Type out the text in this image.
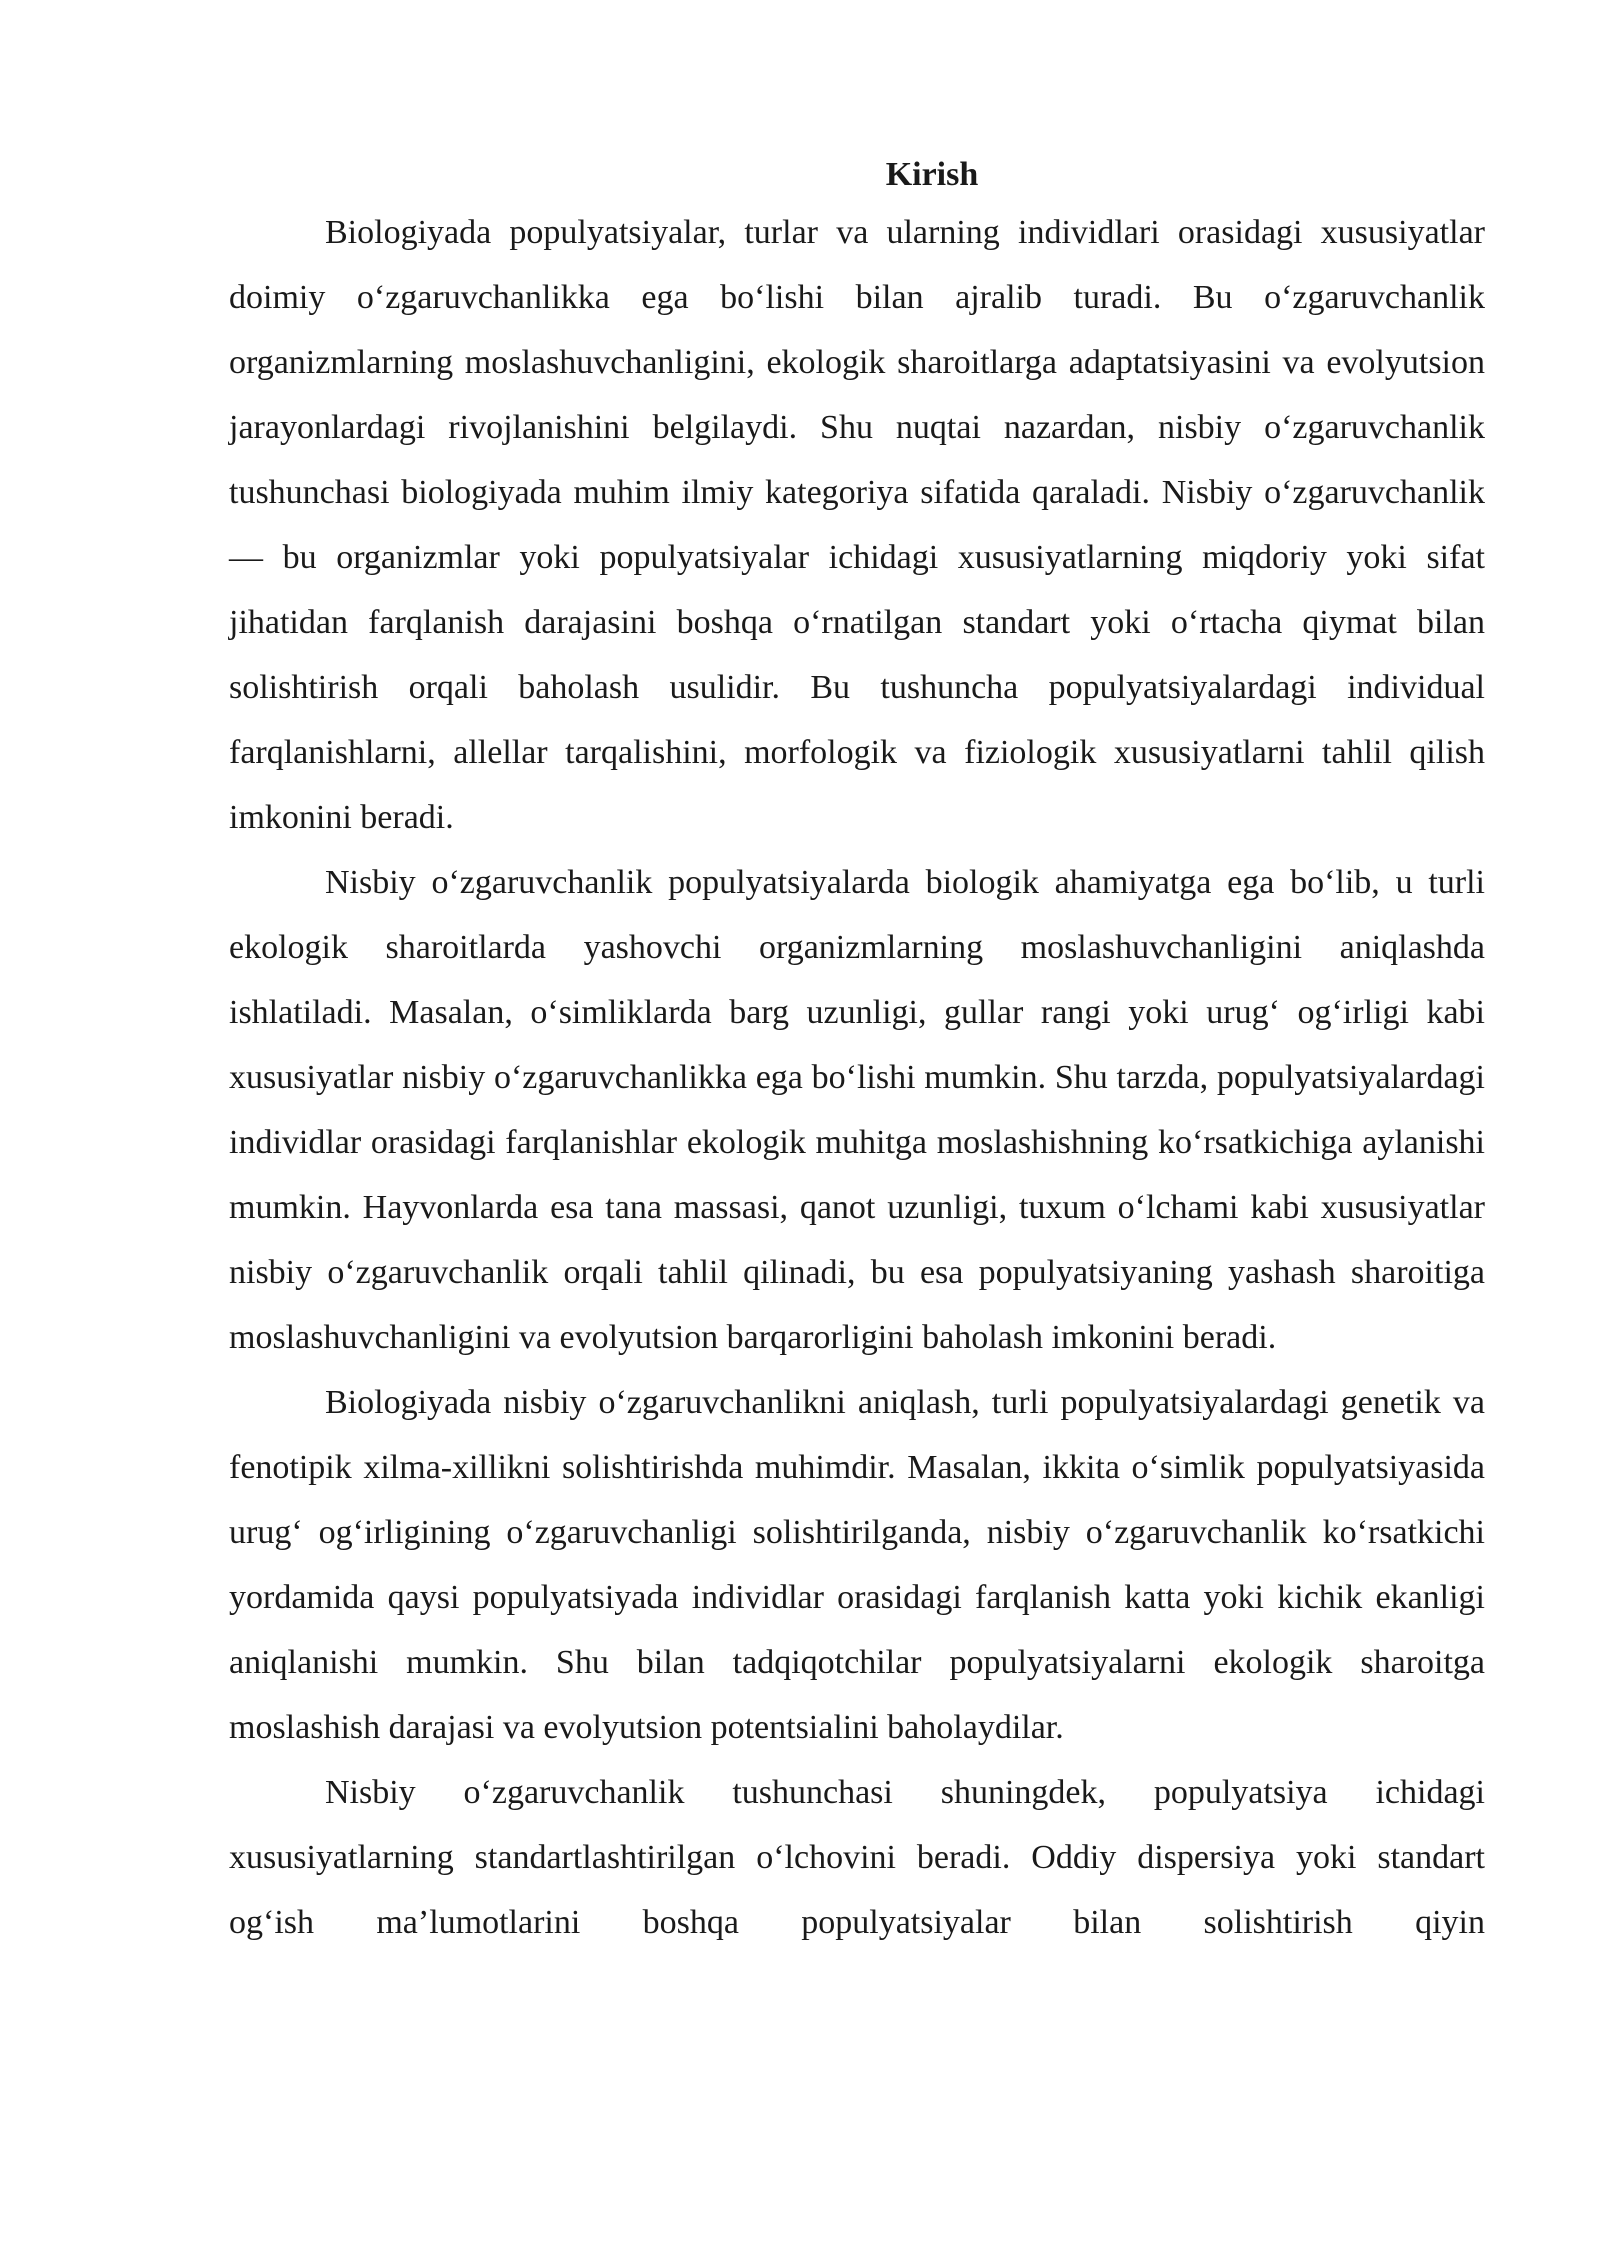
Kirish

Biologiyada populyatsiyalar, turlar va ularning individlari orasidagi xususiyatlar doimiy o‘zgaruvchanlikka ega bo‘lishi bilan ajralib turadi. Bu o‘zgaruvchanlik organizmlarning moslashuvchanligini, ekologik sharoitlarga adaptatsiyasini va evolyutsion jarayonlardagi rivojlanishini belgilaydi. Shu nuqtai nazardan, nisbiy o‘zgaruvchanlik tushunchasi biologiyada muhim ilmiy kategoriya sifatida qaraladi. Nisbiy o‘zgaruvchanlik — bu organizmlar yoki populyatsiyalar ichidagi xususiyatlarning miqdoriy yoki sifat jihatidan farqlanish darajasini boshqa o‘rnatilgan standart yoki o‘rtacha qiymat bilan solishtirish orqali baholash usulidir. Bu tushuncha populyatsiyalardagi individual farqlanishlarni, allellar tarqalishini, morfologik va fiziologik xususiyatlarni tahlil qilish imkonini beradi.

Nisbiy o‘zgaruvchanlik populyatsiyalarda biologik ahamiyatga ega bo‘lib, u turli ekologik sharoitlarda yashovchi organizmlarning moslashuvchanligini aniqlashda ishlatiladi. Masalan, o‘simliklarda barg uzunligi, gullar rangi yoki urug‘ og‘irligi kabi xususiyatlar nisbiy o‘zgaruvchanlikka ega bo‘lishi mumkin. Shu tarzda, populyatsiyalardagi individlar orasidagi farqlanishlar ekologik muhitga moslashishning ko‘rsatkichiga aylanishi mumkin. Hayvonlarda esa tana massasi, qanot uzunligi, tuxum o‘lchami kabi xususiyatlar nisbiy o‘zgaruvchanlik orqali tahlil qilinadi, bu esa populyatsiyaning yashash sharoitiga moslashuvchanligini va evolyutsion barqarorligini baholash imkonini beradi.

Biologiyada nisbiy o‘zgaruvchanlikni aniqlash, turli populyatsiyalardagi genetik va fenotipik xilma-xillikni solishtirishda muhimdir. Masalan, ikkita o‘simlik populyatsiyasida urug‘ og‘irligining o‘zgaruvchanligi solishtirilganda, nisbiy o‘zgaruvchanlik ko‘rsatkichi yordamida qaysi populyatsiyada individlar orasidagi farqlanish katta yoki kichik ekanligi aniqlanishi mumkin. Shu bilan tadqiqotchilar populyatsiyalarni ekologik sharoitga moslashish darajasi va evolyutsion potentsialini baholaydilar.

Nisbiy o‘zgaruvchanlik tushunchasi shuningdek, populyatsiya ichidagi xususiyatlarning standartlashtirilgan o‘lchovini beradi. Oddiy dispersiya yoki standart og‘ish ma’lumotlarini boshqa populyatsiyalar bilan solishtirish qiyin
